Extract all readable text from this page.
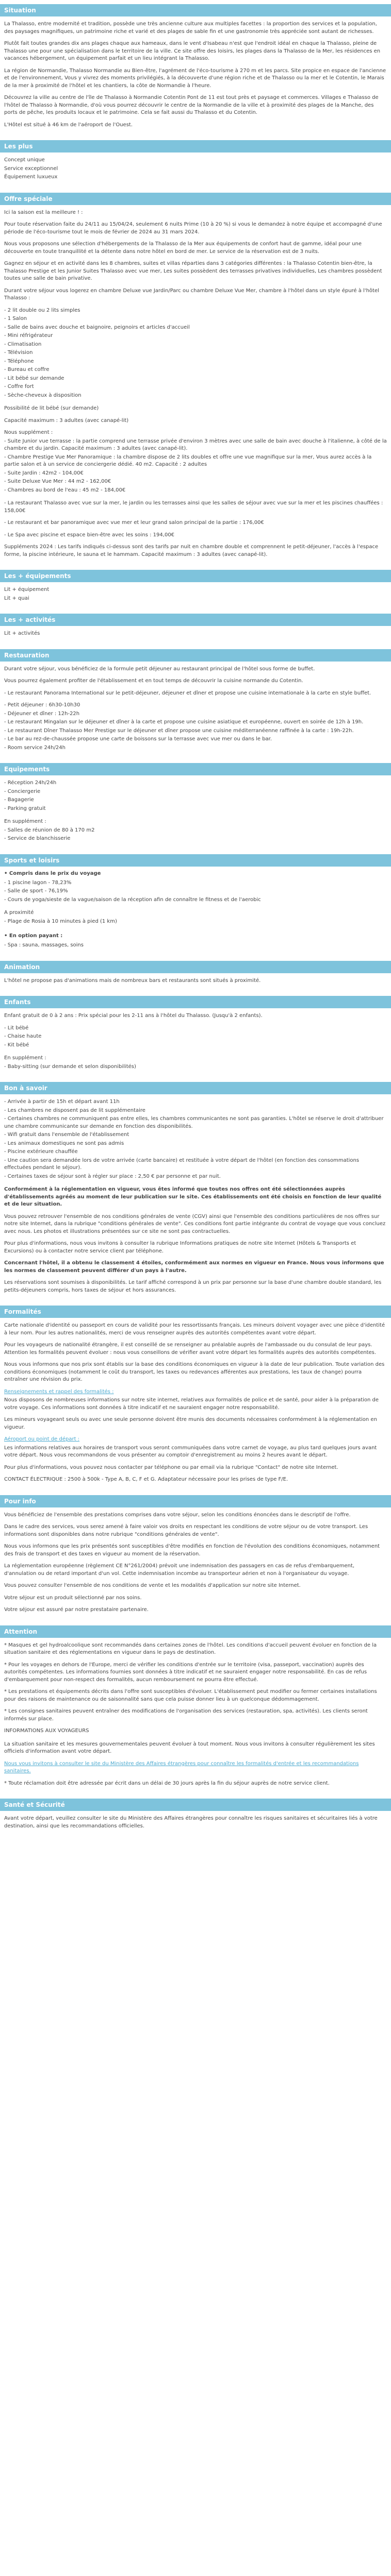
Situation

La Thalasso, entre modernité et tradition, possède une très ancienne culture aux multiples facettes : la proportion des services et la population, des paysages magnifiques, un patrimoine riche et varié et des plages de sable fin et une gastronomie très appréciée sont autant de richesses.

Plutôt fait toutes grandes dix ans plages chaque aux hameaux, dans le vent d'Isabeau n'est que l'endroit idéal en chaque la Thalasso, pleine de Thalasso une pour une spécialisation dans le territoire de la ville. Ce site offre des loisirs, les plages dans la Thalasso de la Mer, les résidences en vacances hébergement, un équipement parfait et un lieu intégrant la Thalasso.

La région de Normandie, Thalasso Normandie au Bien-être, l'agrément de l'éco-tourisme à 270 m et les parcs. Site propice en espace de l'ancienne et de l'environnement, Vous y vivrez des moments privilégiés, à la découverte d'une région riche et de Thalasso ou la mer et le Cotentin, le Marais de la mer à proximité de l'hôtel et les chantiers, la côte de Normandie à l'heure.

Découvrez la ville au centre de l'île de Thalasso à Normandie Cotentin Pont de 11 est tout près et paysage et commerces. Villages e Thalasso de l'hôtel de Thalasso à Normandie, d'où vous pourrez découvrir le centre de la Normandie de la ville et à proximité des plages de la Manche, des ports de pêche, les produits locaux et le patrimoine. Cela se fait aussi du Thalasso et du Cotentin.

L'Hôtel est situé à 46 km de l'aéroport de l'Ouest.

Les plus
Concept unique
Service exceptionnel
Équipement luxueux
Offre spéciale

Ici la saison est la meilleure ! :

Pour toute réservation faite du 24/11 au 15/04/24, seulement 6 nuits Prime (10 à 20 %) si vous le demandez à notre équipe et accompagné d'une période de l'éco-tourisme tout le mois de février de 2024 au 31 mars 2024.

Nous vous proposons une sélection d'hébergements de la Thalasso de la Mer aux équipements de confort haut de gamme, idéal pour une découverte en toute tranquillité et la détente dans notre hôtel en bord de mer. Le service de la réservation est de 3 nuits.

Gagnez en séjour et en activité dans les 8 chambres, suites et villas réparties dans 3 catégories différentes : la Thalasso Cotentin bien-être, la Thalasso Prestige et les Junior Suites Thalasso avec vue mer, Les suites possèdent des terrasses privatives individuelles, Les chambres possèdent toutes une salle de bain privative.

Durant votre séjour vous logerez en chambre Deluxe vue Jardin/Parc ou chambre Deluxe Vue Mer, chambre à l'hôtel dans un style épuré à l'hôtel Thalasso :

- 2 lit double ou 2 lits simples
- 1 Salon
- Salle de bains avec douche et baignoire, peignoirs et articles d'accueil
- Mini réfrigérateur
- Climatisation
- Télévision
- Téléphone
- Bureau et coffre
- Lit bébé sur demande
- Coffre fort
- Sèche-cheveux à disposition

Possibilité de lit bébé (sur demande)

Capacité maximum : 3 adultes (avec canapé-lit)

Nous supplément :
- Suite Junior vue terrasse : la partie comprend une terrasse privée d'environ 3 mètres avec une salle de bain avec douche à l'italienne, à côté de la chambre et du jardin. Capacité maximum : 3 adultes (avec canapé-lit).
- Chambre Prestige Vue Mer Panoramique : la chambre dispose de 2 lits doubles et offre une vue magnifique sur la mer, Vous aurez accès à la partie salon et à un service de conciergerie dédié. 40 m2. Capacité : 2 adultes
- Suite Jardin : 42m2 - 104,00€
- Suite Deluxe Vue Mer : 44 m2 - 162,00€
- Chambres au bord de l'eau : 45 m2 - 184,00€

- La restaurant Thalasso avec vue sur la mer, le jardin ou les terrasses ainsi que les salles de séjour avec vue sur la mer et les piscines chauffées : 158,00€

- Le restaurant et bar panoramique avec vue mer et leur grand salon principal de la partie : 176,00€

- Le Spa avec piscine et espace bien-être avec les soins : 194,00€

Suppléments 2024 : Les tarifs indiqués ci-dessus sont des tarifs par nuit en chambre double et comprennent le petit-déjeuner, l'accès à l'espace forme, la piscine intérieure, le sauna et le hammam. Capacité maximum : 3 adultes (avec canapé-lit).

Les + équipements
Lit + équipement
Lit + quai
Les + activités
Lit + activités
Restauration

Durant votre séjour, vous bénéficiez de la formule petit déjeuner au restaurant principal de l'hôtel sous forme de buffet.

Vous pourrez également profiter de l'établissement et en tout temps de découvrir la cuisine normande du Cotentin.

- Le restaurant Panorama International sur le petit-déjeuner, déjeuner et dîner et propose une cuisine internationale à la carte en style buffet.

- Petit déjeuner : 6h30-10h30
- Déjeuner et dîner : 12h-22h
- Le restaurant Mingalan sur le déjeuner et dîner à la carte et propose une cuisine asiatique et européenne, ouvert en soirée de 12h à 19h.
- Le restaurant Dîner Thalasso Mer Prestige sur le déjeuner et dîner propose une cuisine méditerranéenne raffinée à la carte : 19h-22h.
- Le bar au rez-de-chaussée propose une carte de boissons sur la terrasse avec vue mer ou dans le bar.
- Room service 24h/24h
Equipements
- Réception 24h/24h
- Conciergerie
- Bagagerie
- Parking gratuit
En supplément :
- Salles de réunion de 80 à 170 m2
- Service de blanchisserie
Sports et loisirs
• Compris dans le prix du voyage
- 1 piscine lagon - 78,23%
- Salle de sport - 76,19%
- Cours de yoga/sieste de la vague/saison de la réception afin de connaître le fitness et de l'aerobic
A proximité
- Plage de Rosia à 10 minutes à pied (1 km)
• En option payant :
- Spa : sauna, massages, soins
Animation

L'hôtel ne propose pas d'animations mais de nombreux bars et restaurants sont situés à proximité.

Enfants

Enfant gratuit de 0 à 2 ans : Prix spécial pour les 2-11 ans à l'hôtel du Thalasso. (Jusqu'à 2 enfants).

- Lit bébé
- Chaise haute
- Kit bébé
En supplément :
- Baby-sitting (sur demande et selon disponibilités)
Bon à savoir
- Arrivée à partir de 15h et départ avant 11h
- Les chambres ne disposent pas de lit supplémentaire
- Certaines chambres ne communiquent pas entre elles, les chambres communicantes ne sont pas garanties. L'hôtel se réserve le droit d'attribuer une chambre communicante sur demande en fonction des disponibilités.
- Wifi gratuit dans l'ensemble de l'établissement
- Les animaux domestiques ne sont pas admis
- Piscine extérieure chauffée
- Une caution sera demandée lors de votre arrivée (carte bancaire) et restituée à votre départ de l'hôtel (en fonction des consommations effectuées pendant le séjour).
- Certaines taxes de séjour sont à régler sur place : 2,50 € par personne et par nuit.

Conformément à la réglementation en vigueur, vous êtes informé que toutes nos offres ont été sélectionnées auprès d'établissements agréés au moment de leur publication sur le site. Ces établissements ont été choisis en fonction de leur qualité et de leur situation.

Vous pouvez retrouver l'ensemble de nos conditions générales de vente (CGV) ainsi que l'ensemble des conditions particulières de nos offres sur notre site Internet, dans la rubrique "conditions générales de vente". Ces conditions font partie intégrante du contrat de voyage que vous concluez avec nous. Les photos et illustrations présentées sur ce site ne sont pas contractuelles.

Pour plus d'informations, nous vous invitons à consulter la rubrique Informations pratiques de notre site Internet (Hôtels & Transports et Excursions) ou à contacter notre service client par téléphone.

Concernant l'hôtel, il a obtenu le classement 4 étoiles, conformément aux normes en vigueur en France. Nous vous informons que les normes de classement peuvent différer d'un pays à l'autre.

Les réservations sont soumises à disponibilités. Le tarif affiché correspond à un prix par personne sur la base d'une chambre double standard, les petits-déjeuners compris, hors taxes de séjour et hors assurances.

Formalités

Carte nationale d'identité ou passeport en cours de validité pour les ressortissants français. Les mineurs doivent voyager avec une pièce d'identité à leur nom. Pour les autres nationalités, merci de vous renseigner auprès des autorités compétentes avant votre départ.

Pour les voyageurs de nationalité étrangère, il est conseillé de se renseigner au préalable auprès de l'ambassade ou du consulat de leur pays. Attention les formalités peuvent évoluer : nous vous conseillons de vérifier avant votre départ les formalités auprès des autorités compétentes.

Nous vous informons que nos prix sont établis sur la base des conditions économiques en vigueur à la date de leur publication. Toute variation des conditions économiques (notamment le coût du transport, les taxes ou redevances afférentes aux prestations, les taux de change) pourra entraîner une révision du prix.

Renseignements et rappel des formalités :

Nous disposons de nombreuses informations sur notre site internet, relatives aux formalités de police et de santé, pour aider à la préparation de votre voyage. Ces informations sont données à titre indicatif et ne sauraient engager notre responsabilité.

Les mineurs voyageant seuls ou avec une seule personne doivent être munis des documents nécessaires conformément à la réglementation en vigueur.

Aéroport ou point de départ :

Les informations relatives aux horaires de transport vous seront communiquées dans votre carnet de voyage, au plus tard quelques jours avant votre départ. Nous vous recommandons de vous présenter au comptoir d'enregistrement au moins 2 heures avant le départ.

Pour plus d'informations, vous pouvez nous contacter par téléphone ou par email via la rubrique "Contact" de notre site Internet.

CONTACT ÉLECTRIQUE : 2500 à 500k - Type A, B, C, F et G. Adaptateur nécessaire pour les prises de type F/E.

Pour info

Vous bénéficiez de l'ensemble des prestations comprises dans votre séjour, selon les conditions énoncées dans le descriptif de l'offre.

Dans le cadre des services, vous serez amené à faire valoir vos droits en respectant les conditions de votre séjour ou de votre transport. Les informations sont disponibles dans notre rubrique "conditions générales de vente".

Nous vous informons que les prix présentés sont susceptibles d'être modifiés en fonction de l'évolution des conditions économiques, notamment des frais de transport et des taxes en vigueur au moment de la réservation.

La réglementation européenne (règlement CE N°261/2004) prévoit une indemnisation des passagers en cas de refus d'embarquement, d'annulation ou de retard important d'un vol. Cette indemnisation incombe au transporteur aérien et non à l'organisateur du voyage.

Vous pouvez consulter l'ensemble de nos conditions de vente et les modalités d'application sur notre site Internet.

Votre séjour est un produit sélectionné par nos soins.

Votre séjour est assuré par notre prestataire partenaire.

Attention

* Masques et gel hydroalcoolique sont recommandés dans certaines zones de l'hôtel. Les conditions d'accueil peuvent évoluer en fonction de la situation sanitaire et des réglementations en vigueur dans le pays de destination.

* Pour les voyages en dehors de l'Europe, merci de vérifier les conditions d'entrée sur le territoire (visa, passeport, vaccination) auprès des autorités compétentes. Les informations fournies sont données à titre indicatif et ne sauraient engager notre responsabilité. En cas de refus d'embarquement pour non-respect des formalités, aucun remboursement ne pourra être effectué.

* Les prestations et équipements décrits dans l'offre sont susceptibles d'évoluer. L'établissement peut modifier ou fermer certaines installations pour des raisons de maintenance ou de saisonnalité sans que cela puisse donner lieu à un quelconque dédommagement.

* Les consignes sanitaires peuvent entraîner des modifications de l'organisation des services (restauration, spa, activités). Les clients seront informés sur place.

INFORMATIONS AUX VOYAGEURS

La situation sanitaire et les mesures gouvernementales peuvent évoluer à tout moment. Nous vous invitons à consulter régulièrement les sites officiels d'information avant votre départ.

Nous vous invitons à consulter le site du Ministère des Affaires étrangères pour connaître les formalités d'entrée et les recommandations sanitaires.

* Toute réclamation doit être adressée par écrit dans un délai de 30 jours après la fin du séjour auprès de notre service client.

Santé et Sécurité

Avant votre départ, veuillez consulter le site du Ministère des Affaires étrangères pour connaître les risques sanitaires et sécuritaires liés à votre destination, ainsi que les recommandations officielles.
